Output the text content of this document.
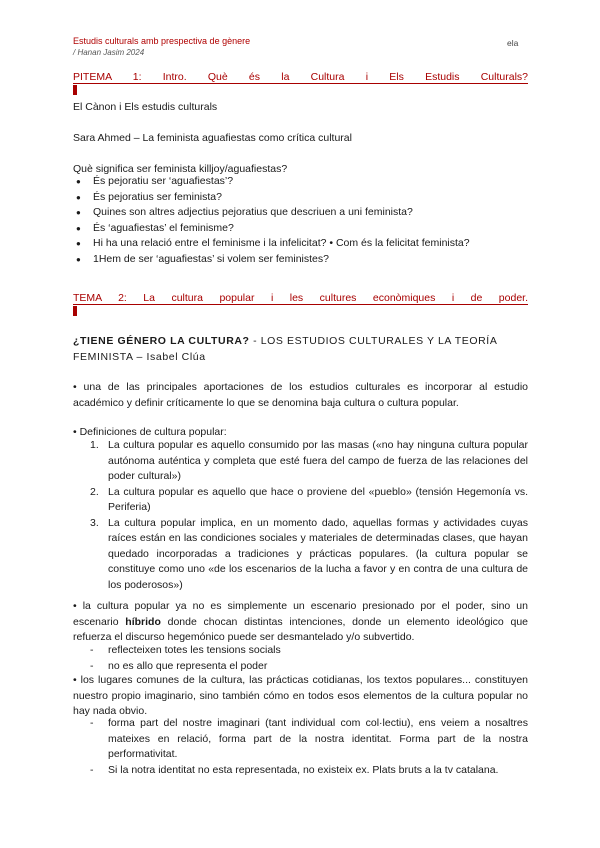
Estudis culturals amb prespectiva de gènere
/ Hanan Jasim 2024
ela
PITEMA 1: Intro. Què és la Cultura i Els Estudis Culturals?
El Cànon i Els estudis culturals
Sara Ahmed – La feminista aguafiestas como crítica cultural
Què significa ser feminista killjoy/aguafiestas?
● És pejoratiu ser ‘aguafiestas’?
● És pejoratius ser feminista?
● Quines son altres adjectius pejoratius que descriuen a uni feminista?
● És ‘aguafiestas’ el feminisme?
● Hi ha una relació entre el feminisme i la infelicitat? • Com és la felicitat feminista?
● 1Hem de ser ‘aguafiestas’ si volem ser feministes?
TEMA 2: La cultura popular i les cultures econòmiques i de poder.
¿TIENE GÉNERO LA CULTURA? - LOS ESTUDIOS CULTURALES Y LA TEORÍA FEMINISTA – Isabel Clúa
• una de las principales aportaciones de los estudios culturales es incorporar al estudio académico y definir críticamente lo que se denomina baja cultura o cultura popular.
• Definiciones de cultura popular:
1. La cultura popular es aquello consumido por las masas («no hay ninguna cultura popular autónoma auténtica y completa que esté fuera del campo de fuerza de las relaciones del poder cultural»)
2. La cultura popular es aquello que hace o proviene del «pueblo» (tensión Hegemonía vs. Periferia)
3. La cultura popular implica, en un momento dado, aquellas formas y actividades cuyas raíces están en las condiciones sociales y materiales de determinadas clases, que hayan quedado incorporadas a tradiciones y prácticas populares. (la cultura popular se constituye como uno «de los escenarios de la lucha a favor y en contra de una cultura de los poderosos»)
• la cultura popular ya no es simplemente un escenario presionado por el poder, sino un escenario híbrido donde chocan distintas intenciones, donde un elemento ideológico que refuerza el discurso hegemónico puede ser desmantelado y/o subvertido.
- reflecteixen totes les tensions socials
- no es allo que representa el poder
• los lugares comunes de la cultura, las prácticas cotidianas, los textos populares... constituyen nuestro propio imaginario, sino también cómo en todos esos elementos de la cultura popular no hay nada obvio.
- forma part del nostre imaginari (tant individual com col·lectiu), ens veiem a nosaltres mateixes en relació, forma part de la nostra identitat. Forma part de la nostra performativitat.
- Si la notra identitat no esta representada, no existeix ex. Plats bruts a la tv catalana.
